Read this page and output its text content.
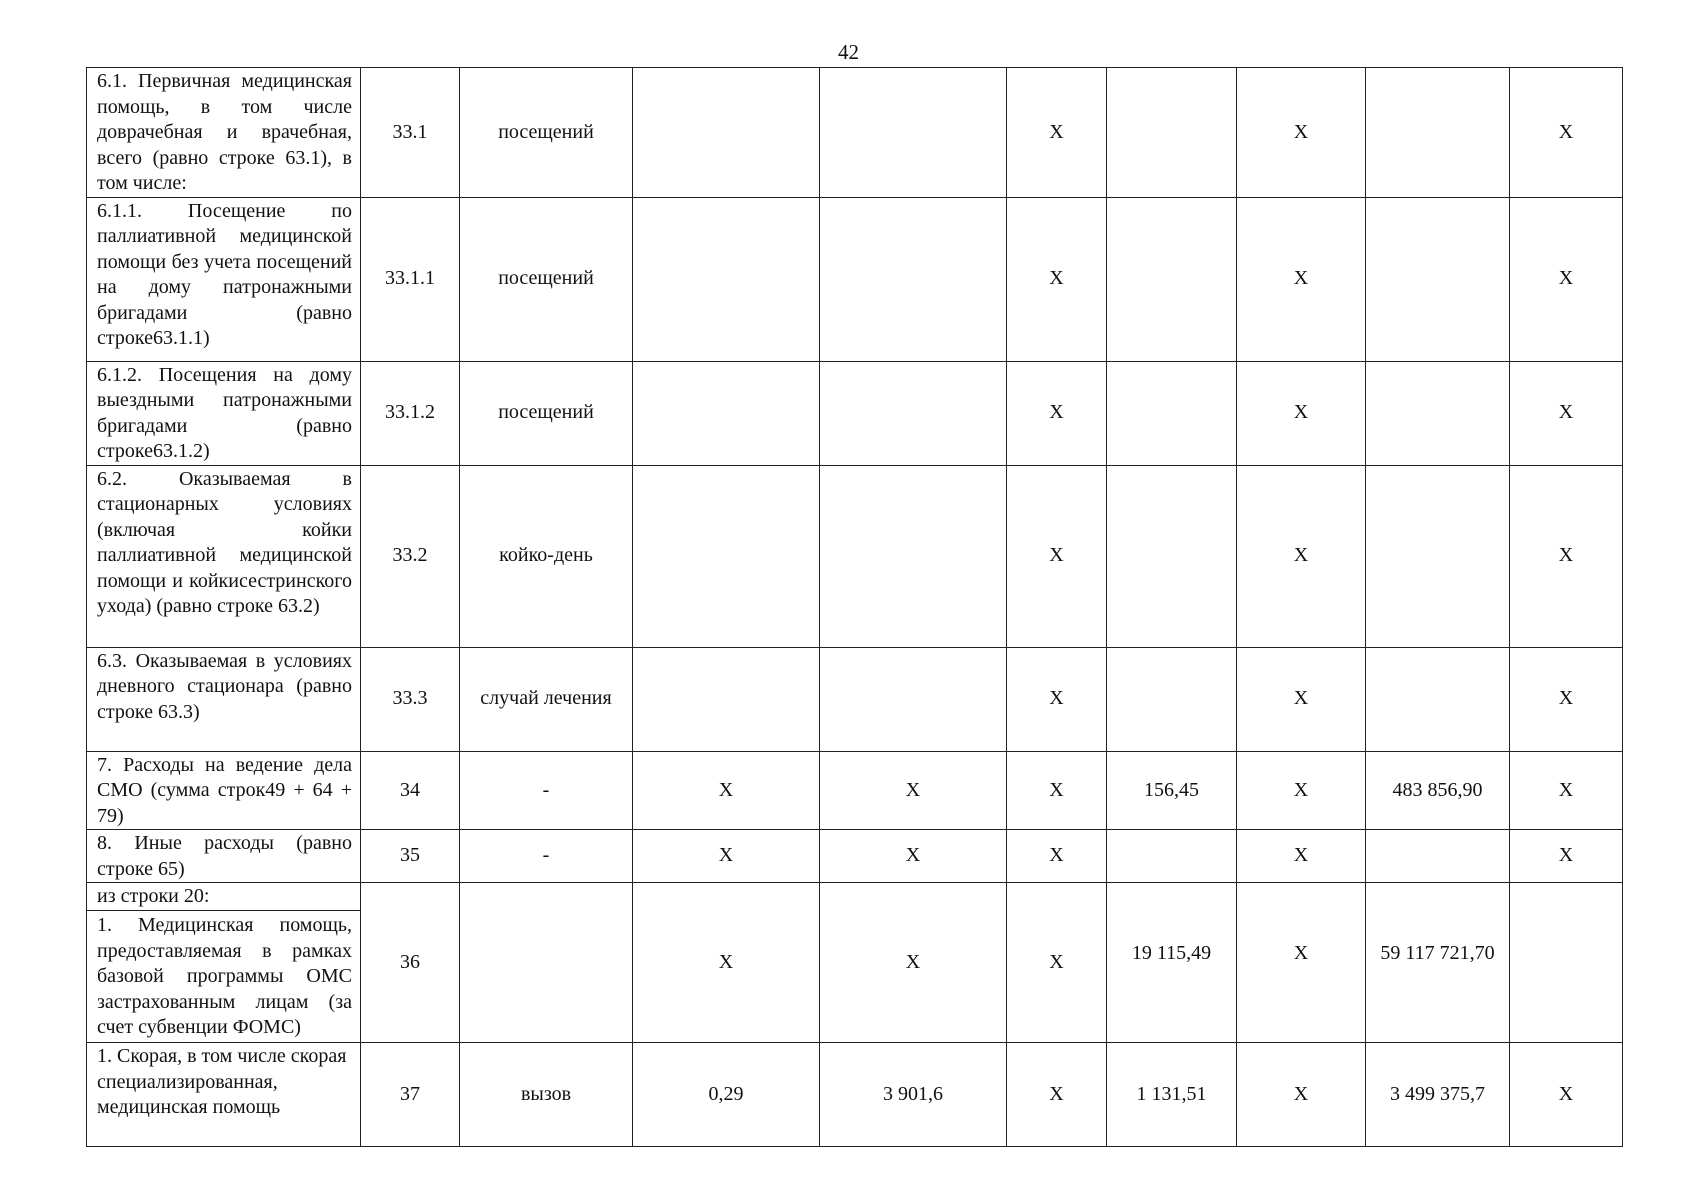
42
6.1. Первичная медицинская помощь, в том числе доврачебная и врачебная, всего (равно строке 63.1), в том числе:	33.1	посещений			X		X		X
6.1.1. Посещение по паллиативной медицинской помощи без учета посещений на дому патронажными бригадами (равно строке63.1.1)	33.1.1	посещений			X		X		X
6.1.2. Посещения на дому выездными патронажными бригадами (равно строке63.1.2)	33.1.2	посещений			X		X		X
6.2. Оказываемая в стационарных условиях (включая койки паллиативной медицинской помощи и койкисестринского ухода) (равно строке 63.2)	33.2	койко-день			X		X		X
6.3. Оказываемая в условиях дневного стационара (равно строке 63.3)	33.3	случай лечения			X		X		X
7. Расходы на ведение дела СМО (сумма строк49 + 64 + 79)	34	-	X	X	X	156,45	X	483 856,90	X
8. Иные расходы (равно строке 65)	35	-	X	X	X		X		X

из строки 20:
1. Медицинская помощь, предоставляемая в рамках базовой программы ОМС застрахованным лицам (за счет субвенции ФОМС)	36		X	X	X	19 115,49	X	59 117 721,70	
1. Скорая, в том числе скорая специализированная, медицинская помощь	37	вызов	0,29	3 901,6	X	1 131,51	X	3 499 375,7	X
